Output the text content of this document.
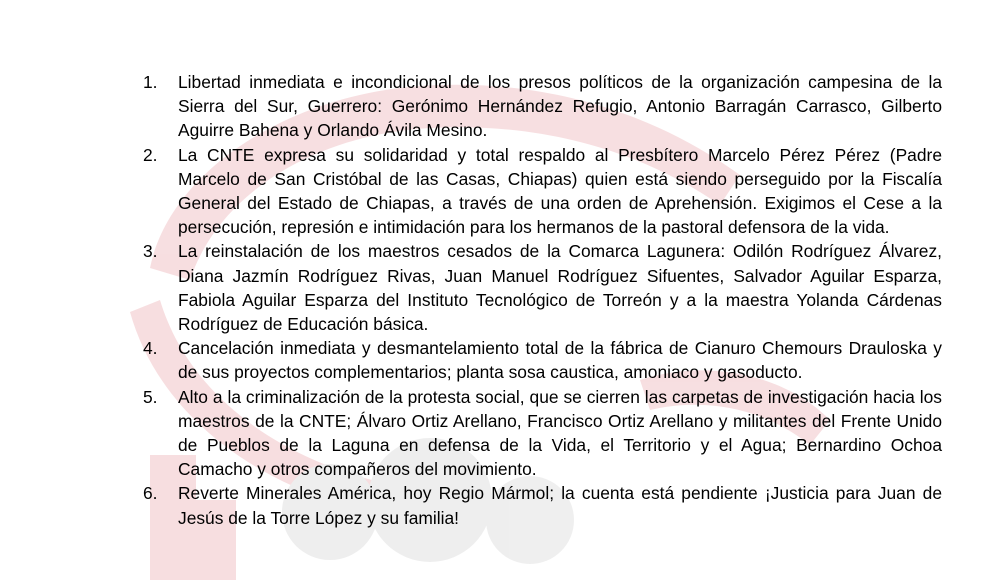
1.	Libertad inmediata e incondicional de los presos políticos de la organización campesina de la Sierra del Sur, Guerrero: Gerónimo Hernández Refugio, Antonio Barragán Carrasco, Gilberto Aguirre Bahena y Orlando Ávila Mesino.
2.	La CNTE expresa su solidaridad y total respaldo al Presbítero Marcelo Pérez Pérez (Padre Marcelo de San Cristóbal de las Casas, Chiapas) quien está siendo perseguido por la Fiscalía General del Estado de Chiapas, a través de una orden de Aprehensión. Exigimos el Cese a la persecución, represión e intimidación para los hermanos de la pastoral defensora de la vida.
3.	La reinstalación de los maestros cesados de la Comarca Lagunera: Odilón Rodríguez Álvarez, Diana Jazmín Rodríguez Rivas, Juan Manuel Rodríguez Sifuentes, Salvador Aguilar Esparza, Fabiola Aguilar Esparza del Instituto Tecnológico de Torreón y a la maestra Yolanda Cárdenas Rodríguez de Educación básica.
4.	Cancelación inmediata y desmantelamiento total de la fábrica de Cianuro Chemours Drauloska y de sus proyectos complementarios; planta sosa caustica, amoniaco y gasoducto.
5.	Alto a la criminalización de la protesta social, que se cierren las carpetas de investigación hacia los maestros de la CNTE; Álvaro Ortiz Arellano, Francisco Ortiz Arellano y militantes del Frente Unido de Pueblos de la Laguna en defensa de la Vida, el Territorio y el Agua; Bernardino Ochoa Camacho y otros compañeros del movimiento.
6.	Reverte Minerales América, hoy Regio Mármol; la cuenta está pendiente ¡Justicia para Juan de Jesús de la Torre López y su familia!
